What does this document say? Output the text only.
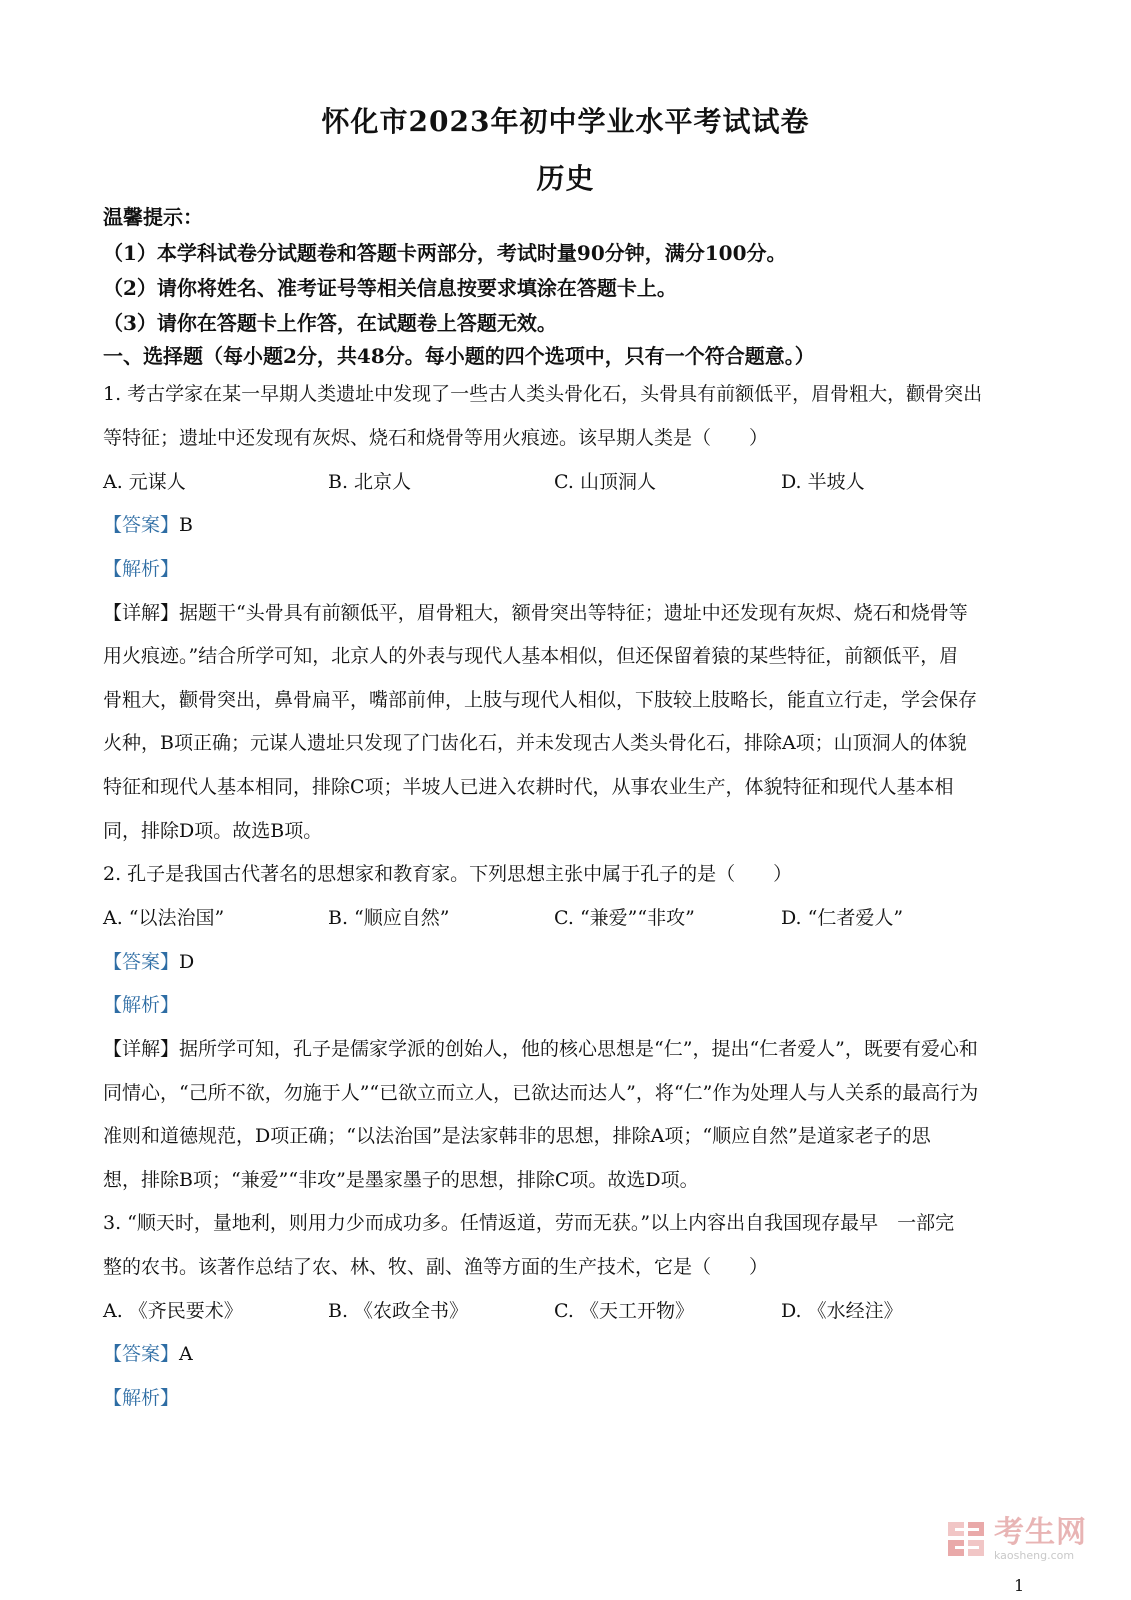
怀化市2023年初中学业水平考试试卷
历史
温馨提示：
（1）本学科试卷分试题卷和答题卡两部分，考试时量90分钟，满分100分。
（2）请你将姓名、准考证号等相关信息按要求填涂在答题卡上。
（3）请你在答题卡上作答，在试题卷上答题无效。
一、选择题（每小题2分，共48分。每小题的四个选项中，只有一个符合题意。）
1. 考古学家在某一早期人类遗址中发现了一些古人类头骨化石，头骨具有前额低平，眉骨粗大，颧骨突出
等特征；遗址中还发现有灰烬、烧石和烧骨等用火痕迹。该早期人类是（　　）
A. 元谋人	B. 北京人	C. 山顶洞人	D. 半坡人
【答案】B
【解析】
【详解】据题干“头骨具有前额低平，眉骨粗大，额骨突出等特征；遗址中还发现有灰烬、烧石和烧骨等
用火痕迹。”结合所学可知，北京人的外表与现代人基本相似，但还保留着猿的某些特征，前额低平，眉
骨粗大，颧骨突出，鼻骨扁平，嘴部前伸，上肢与现代人相似，下肢较上肢略长，能直立行走，学会保存
火种，B项正确；元谋人遗址只发现了门齿化石，并未发现古人类头骨化石，排除A项；山顶洞人的体貌
特征和现代人基本相同，排除C项；半坡人已进入农耕时代，从事农业生产，体貌特征和现代人基本相
同，排除D项。故选B项。
2. 孔子是我国古代著名的思想家和教育家。下列思想主张中属于孔子的是（　　）
A. “以法治国”	B. “顺应自然”	C. “兼爱”“非攻”	D. “仁者爱人”
【答案】D
【解析】
【详解】据所学可知，孔子是儒家学派的创始人，他的核心思想是“仁”，提出“仁者爱人”，既要有爱心和
同情心，“己所不欲，勿施于人”“已欲立而立人，已欲达而达人”，将“仁”作为处理人与人关系的最高行为
准则和道德规范，D项正确；“以法治国”是法家韩非的思想，排除A项；“顺应自然”是道家老子的思
想，排除B项；“兼爱”“非攻”是墨家墨子的思想，排除C项。故选D项。
3. “顺天时，量地利，则用力少而成功多。任情返道，劳而无获。”以上内容出自我国现存最早　一部完
整的农书。该著作总结了农、林、牧、副、渔等方面的生产技术，它是（　　）
A. 《齐民要术》	B. 《农政全书》	C. 《天工开物》	D. 《水经注》
【答案】A
【解析】
考生网
kaosheng.com
1
